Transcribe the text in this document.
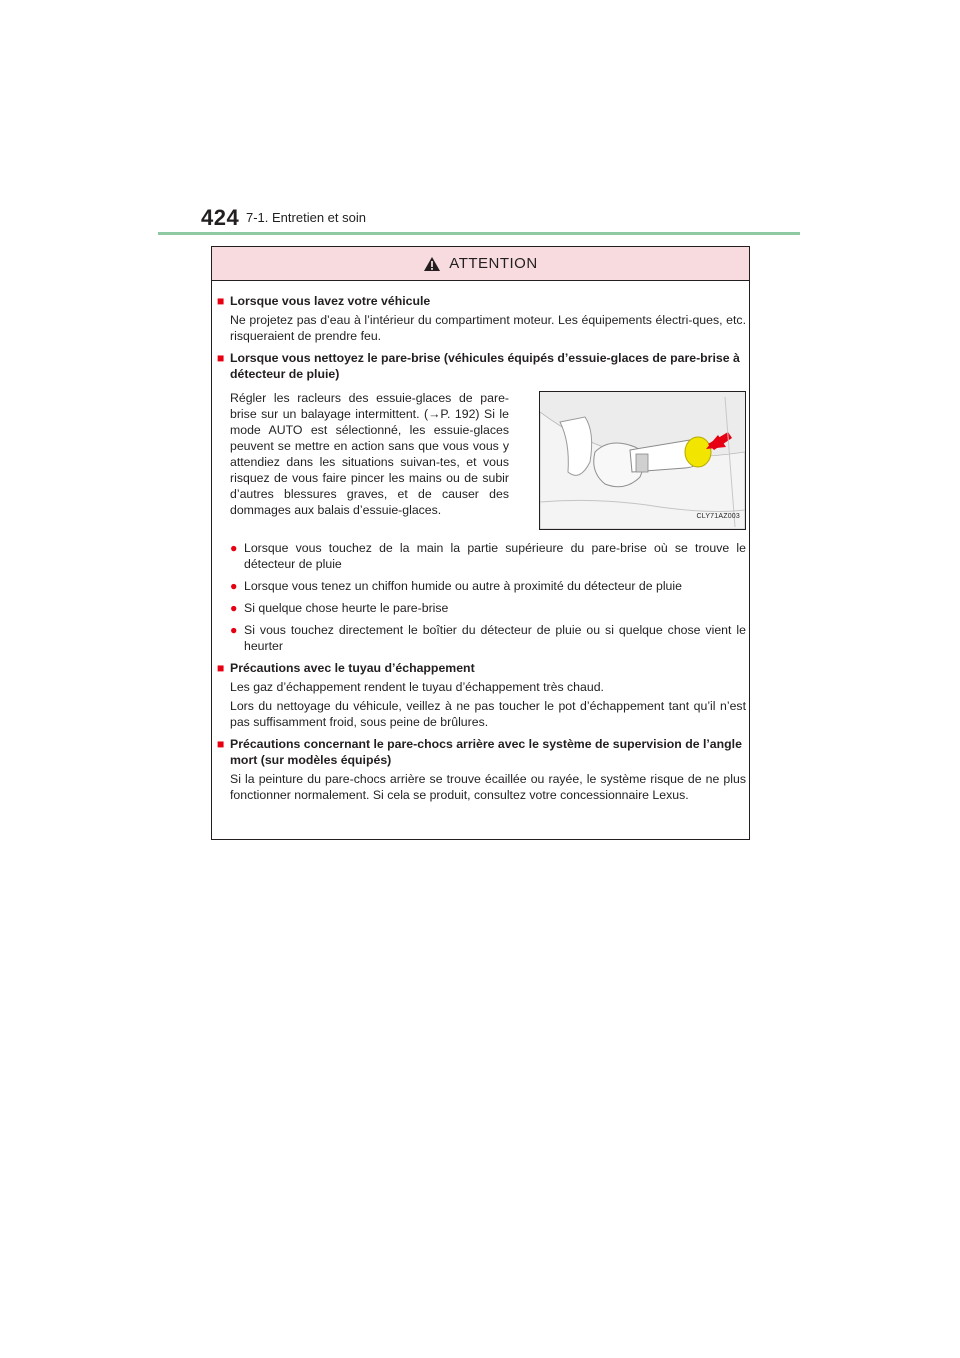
424 7-1. Entretien et soin
ATTENTION
■ Lorsque vous lavez votre véhicule
Ne projetez pas d’eau à l’intérieur du compartiment moteur. Les équipements électri-ques, etc. risqueraient de prendre feu.
■ Lorsque vous nettoyez le pare-brise (véhicules équipés d’essuie-glaces de pare-brise à détecteur de pluie)
Régler les racleurs des essuie-glaces de pare-brise sur un balayage intermittent. (→P. 192) Si le mode AUTO est sélectionné, les essuie-glaces peuvent se mettre en action sans que vous vous y attendiez dans les situations suivan-tes, et vous risquez de vous faire pincer les mains ou de subir d’autres blessures graves, et de causer des dommages aux balais d’essuie-glaces.	CLY71AZ003
● Lorsque vous touchez de la main la partie supérieure du pare-brise où se trouve le détecteur de pluie
● Lorsque vous tenez un chiffon humide ou autre à proximité du détecteur de pluie
● Si quelque chose heurte le pare-brise
● Si vous touchez directement le boîtier du détecteur de pluie ou si quelque chose vient le heurter
■ Précautions avec le tuyau d’échappement
Les gaz d’échappement rendent le tuyau d’échappement très chaud.
Lors du nettoyage du véhicule, veillez à ne pas toucher le pot d’échappement tant qu’il n’est pas suffisamment froid, sous peine de brûlures.
■ Précautions concernant le pare-chocs arrière avec le système de supervision de l’angle mort (sur modèles équipés)
Si la peinture du pare-chocs arrière se trouve écaillée ou rayée, le système risque de ne plus fonctionner normalement. Si cela se produit, consultez votre concessionnaire Lexus.
